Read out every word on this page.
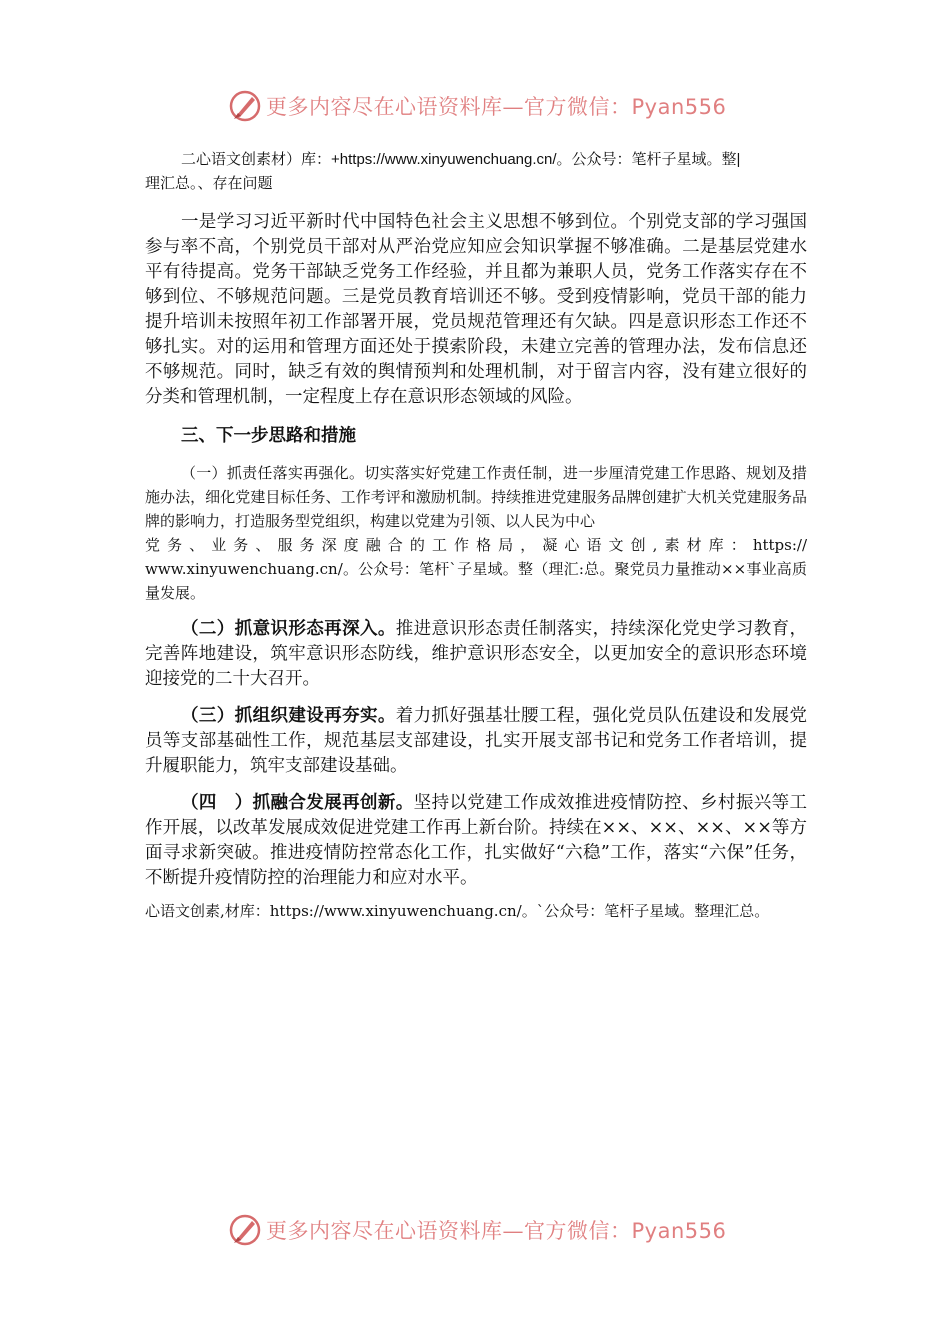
更多内容尽在心语资料库—官方微信：Pyan556

二心语文创素材）库：+https://www.xinyuwenchuang.cn/。公众号：笔杆子星域。整|

理汇总。、存在问题

一是学习习近平新时代中国特色社会主义思想不够到位。个别党支部的学习强国参与率不高，个别党员干部对从严治党应知应会知识掌握不够准确。二是基层党建水平有待提高。党务干部缺乏党务工作经验，并且都为兼职人员，党务工作落实存在不够到位、不够规范问题。三是党员教育培训还不够。受到疫情影响，党员干部的能力提升培训未按照年初工作部署开展，党员规范管理还有欠缺。四是意识形态工作还不够扎实。对的运用和管理方面还处于摸索阶段，未建立完善的管理办法，发布信息还不够规范。同时，缺乏有效的舆情预判和处理机制，对于留言内容，没有建立很好的分类和管理机制，一定程度上存在意识形态领域的风险。

三、下一步思路和措施

（一）抓责任落实再强化。切实落实好党建工作责任制，进一步厘清党建工作思路、规划及措施办法，细化党建目标任务、工作考评和激励机制。持续推进党建服务品牌创建扩大机关党建服务品牌的影响力，打造服务型党组织，构建以党建为引领、以人民为中心

党务、业务、服务深度融合的工作格局，凝心语文创,素材库：https://

www.xinyuwenchuang.cn/。公众号：笔杆`子星域。整（理汇:总。聚党员力量推动××事业高质量发展。

（二）抓意识形态再深入。推进意识形态责任制落实，持续深化党史学习教育，完善阵地建设，筑牢意识形态防线，维护意识形态安全，以更加安全的意识形态环境迎接党的二十大召开。

（三）抓组织建设再夯实。着力抓好强基壮腰工程，强化党员队伍建设和发展党员等支部基础性工作，规范基层支部建设，扎实开展支部书记和党务工作者培训，提升履职能力，筑牢支部建设基础。

（四　）抓融合发展再创新。坚持以党建工作成效推进疫情防控、乡村振兴等工作开展，以改革发展成效促进党建工作再上新台阶。持续在××、××、××、××等方面寻求新突破。推进疫情防控常态化工作，扎实做好“六稳”工作，落实“六保”任务，不断提升疫情防控的治理能力和应对水平。

心语文创素,材库：https://www.xinyuwenchuang.cn/。`公众号：笔杆子星域。整理汇总。

更多内容尽在心语资料库—官方微信：Pyan556
